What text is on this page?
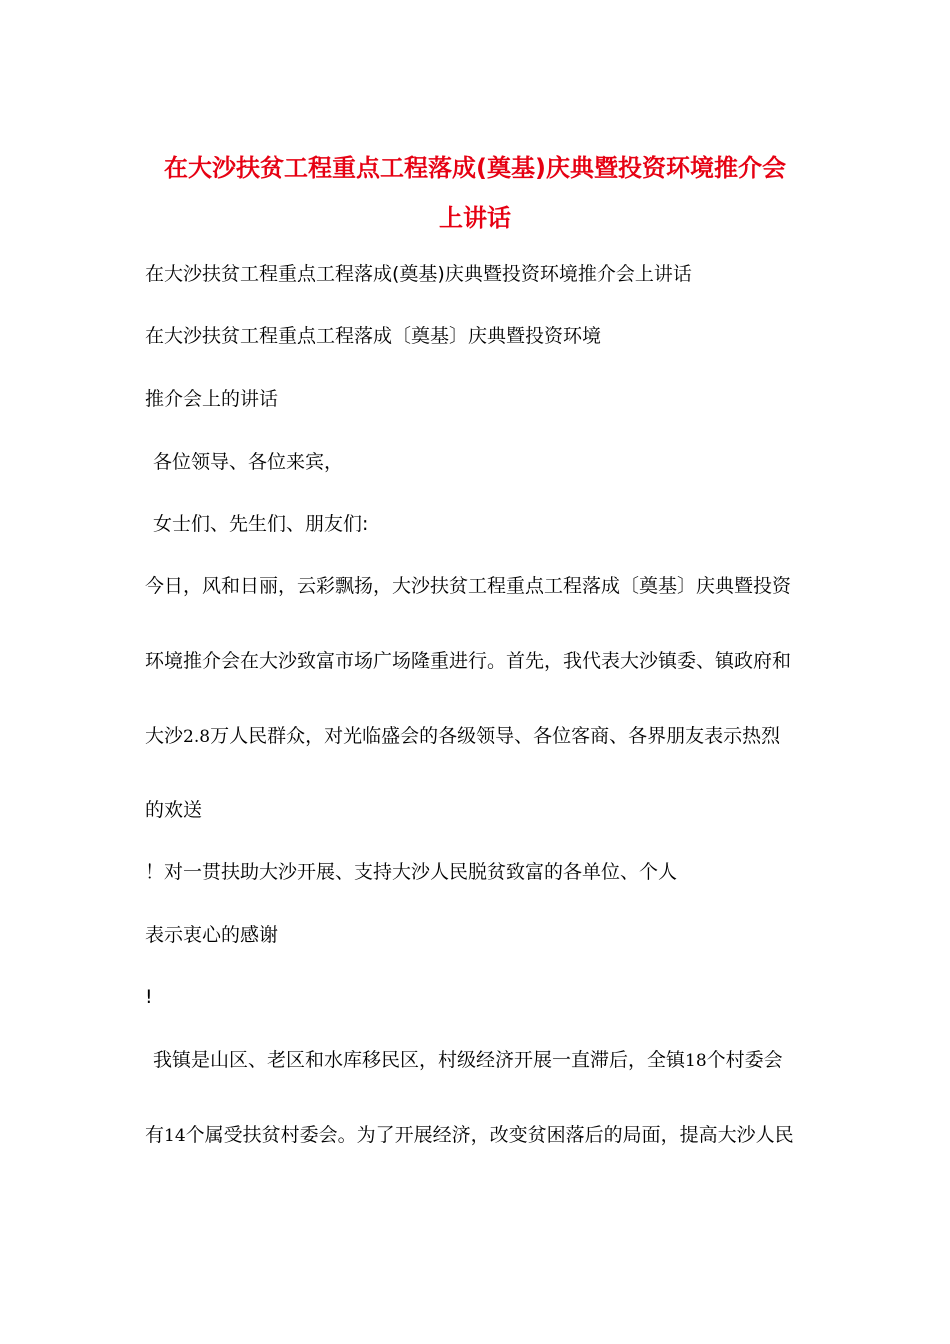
在大沙扶贫工程重点工程落成(奠基)庆典暨投资环境推介会
上讲话
在大沙扶贫工程重点工程落成(奠基)庆典暨投资环境推介会上讲话
在大沙扶贫工程重点工程落成〔奠基〕庆典暨投资环境
推介会上的讲话
各位领导、各位来宾，
女士们、先生们、朋友们:
今日，风和日丽，云彩飘扬，大沙扶贫工程重点工程落成〔奠基〕庆典暨投资
环境推介会在大沙致富市场广场隆重进行。首先，我代表大沙镇委、镇政府和
大沙2.8万人民群众，对光临盛会的各级领导、各位客商、各界朋友表示热烈
的欢送
！对一贯扶助大沙开展、支持大沙人民脱贫致富的各单位、个人
表示衷心的感谢
!
我镇是山区、老区和水库移民区，村级经济开展一直滞后，全镇18个村委会
有14个属受扶贫村委会。为了开展经济，改变贫困落后的局面，提高大沙人民
